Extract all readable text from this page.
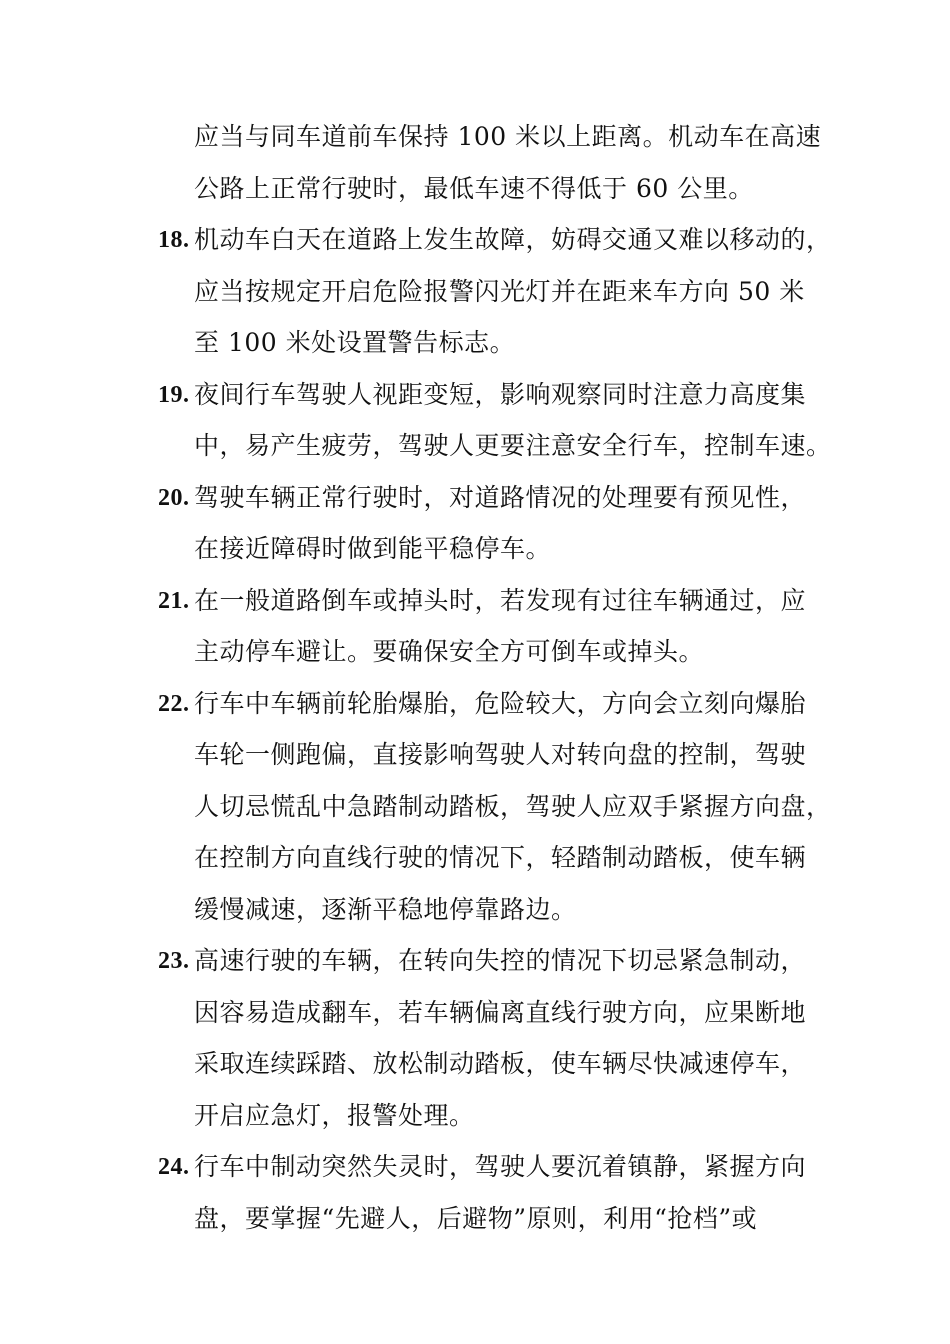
应当与同车道前车保持 100 米以上距离。机动车在高速
公路上正常行驶时，最低车速不得低于 60 公里。
18. 机动车白天在道路上发生故障，妨碍交通又难以移动的，
应当按规定开启危险报警闪光灯并在距来车方向 50 米
至 100 米处设置警告标志。
19. 夜间行车驾驶人视距变短，影响观察同时注意力高度集
中，易产生疲劳，驾驶人更要注意安全行车，控制车速。
20. 驾驶车辆正常行驶时，对道路情况的处理要有预见性，
在接近障碍时做到能平稳停车。
21. 在一般道路倒车或掉头时，若发现有过往车辆通过，应
主动停车避让。要确保安全方可倒车或掉头。
22. 行车中车辆前轮胎爆胎，危险较大，方向会立刻向爆胎
车轮一侧跑偏，直接影响驾驶人对转向盘的控制，驾驶
人切忌慌乱中急踏制动踏板，驾驶人应双手紧握方向盘，
在控制方向直线行驶的情况下，轻踏制动踏板，使车辆
缓慢减速，逐渐平稳地停靠路边。
23. 高速行驶的车辆，在转向失控的情况下切忌紧急制动，
因容易造成翻车，若车辆偏离直线行驶方向，应果断地
采取连续踩踏、放松制动踏板，使车辆尽快减速停车，
开启应急灯，报警处理。
24. 行车中制动突然失灵时，驾驶人要沉着镇静，紧握方向
盘，要掌握“先避人，后避物”原则，利用“抢档”或
